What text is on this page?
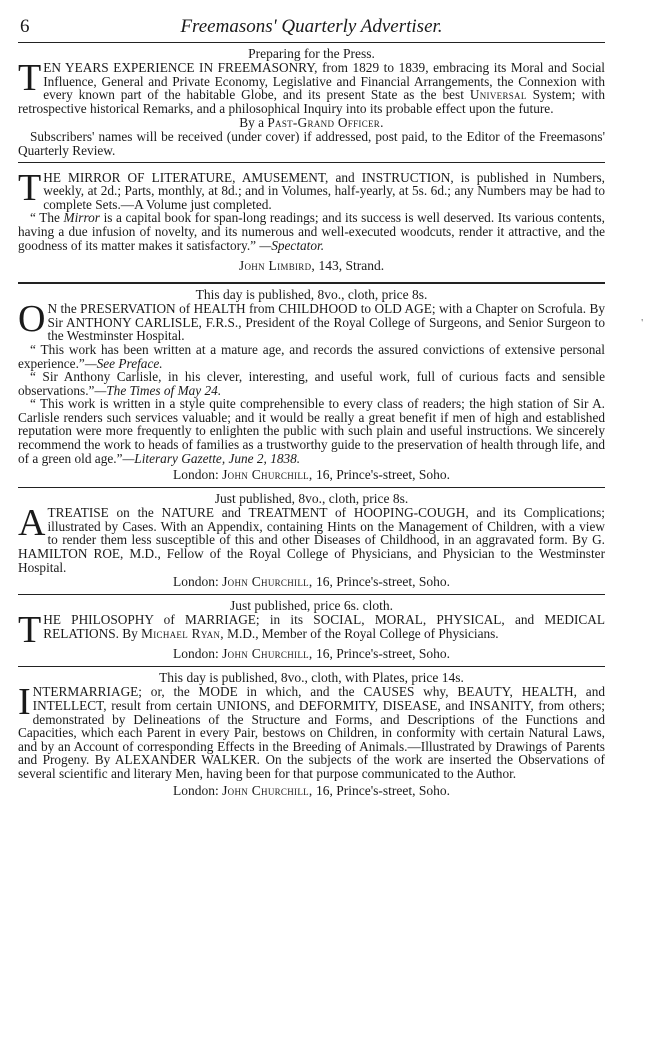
6	Freemasons' Quarterly Advertiser.
Preparing for the Press.

TEN YEARS EXPERIENCE IN FREEMASONRY, from 1829 to 1839, embracing its Moral and Social Influence, General and Private Economy, Legislative and Financial Arrangements, the Connexion with every known part of the habitable Globe, and its present State as the best Universal System; with retrospective historical Remarks, and a philosophical Inquiry into its probable effect upon the future.

By a Past-Grand Officer.

Subscribers' names will be received (under cover) if addressed, post paid, to the Editor of the Freemasons' Quarterly Review.

THE MIRROR OF LITERATURE, AMUSEMENT, and INSTRUCTION, is published in Numbers, weekly, at 2d.; Parts, monthly, at 8d.; and in Volumes, half-yearly, at 5s. 6d.; any Numbers may be had to complete Sets.—A Volume just completed.

“ The Mirror is a capital book for span-long readings; and its success is well deserved. Its various contents, having a due infusion of novelty, and its numerous and well-executed woodcuts, render it attractive, and the goodness of its matter makes it satisfactory.” —Spectator.

John Limbird, 143, Strand.
This day is published, 8vo., cloth, price 8s.

O N the PRESERVATION of HEALTH from CHILDHOOD to OLD AGE; with a Chapter on Scrofula. By Sir ANTHONY CARLISLE, F.R.S., President of the Royal College of Surgeons, and Senior Surgeon to the Westminster Hospital.

“ This work has been written at a mature age, and records the assured convictions of extensive personal experience.”—See Preface.

“ Sir Anthony Carlisle, in his clever, interesting, and useful work, full of curious facts and sensible observations.”—The Times of May 24.

“ This work is written in a style quite comprehensible to every class of readers; the high station of Sir A. Carlisle renders such services valuable; and it would be really a great benefit if men of high and established reputation were more frequently to enlighten the public with such plain and useful instructions. We sincerely recommend the work to heads of families as a trustworthy guide to the preservation of health through life, and of a green old age.”—Literary Gazette, June 2, 1838.

London: John Churchill, 16, Prince's-street, Soho.
Just published, 8vo., cloth, price 8s.

A TREATISE on the NATURE and TREATMENT of HOOPING-COUGH, and its Complications; illustrated by Cases. With an Appendix, containing Hints on the Management of Children, with a view to render them less susceptible of this and other Diseases of Childhood, in an aggravated form. By G. HAMILTON ROE, M.D., Fellow of the Royal College of Physicians, and Physician to the Westminster Hospital.

London: John Churchill, 16, Prince's-street, Soho.
Just published, price 6s. cloth.

THE PHILOSOPHY of MARRIAGE; in its SOCIAL, MORAL, PHYSICAL, and MEDICAL RELATIONS. By Michael Ryan, M.D., Member of the Royal College of Physicians.

London: John Churchill, 16, Prince's-street, Soho.
This day is published, 8vo., cloth, with Plates, price 14s.

INTERMARRIAGE; or, the MODE in which, and the CAUSES why, BEAUTY, HEALTH, and INTELLECT, result from certain UNIONS, and DEFORMITY, DISEASE, and INSANITY, from others; demonstrated by Delineations of the Structure and Forms, and Descriptions of the Functions and Capacities, which each Parent in every Pair, bestows on Children, in conformity with certain Natural Laws, and by an Account of corresponding Effects in the Breeding of Animals.—Illustrated by Drawings of Parents and Progeny. By ALEXANDER WALKER. On the subjects of the work are inserted the Observations of several scientific and literary Men, having been for that purpose communicated to the Author.

London: John Churchill, 16, Prince's-street, Soho.
'
